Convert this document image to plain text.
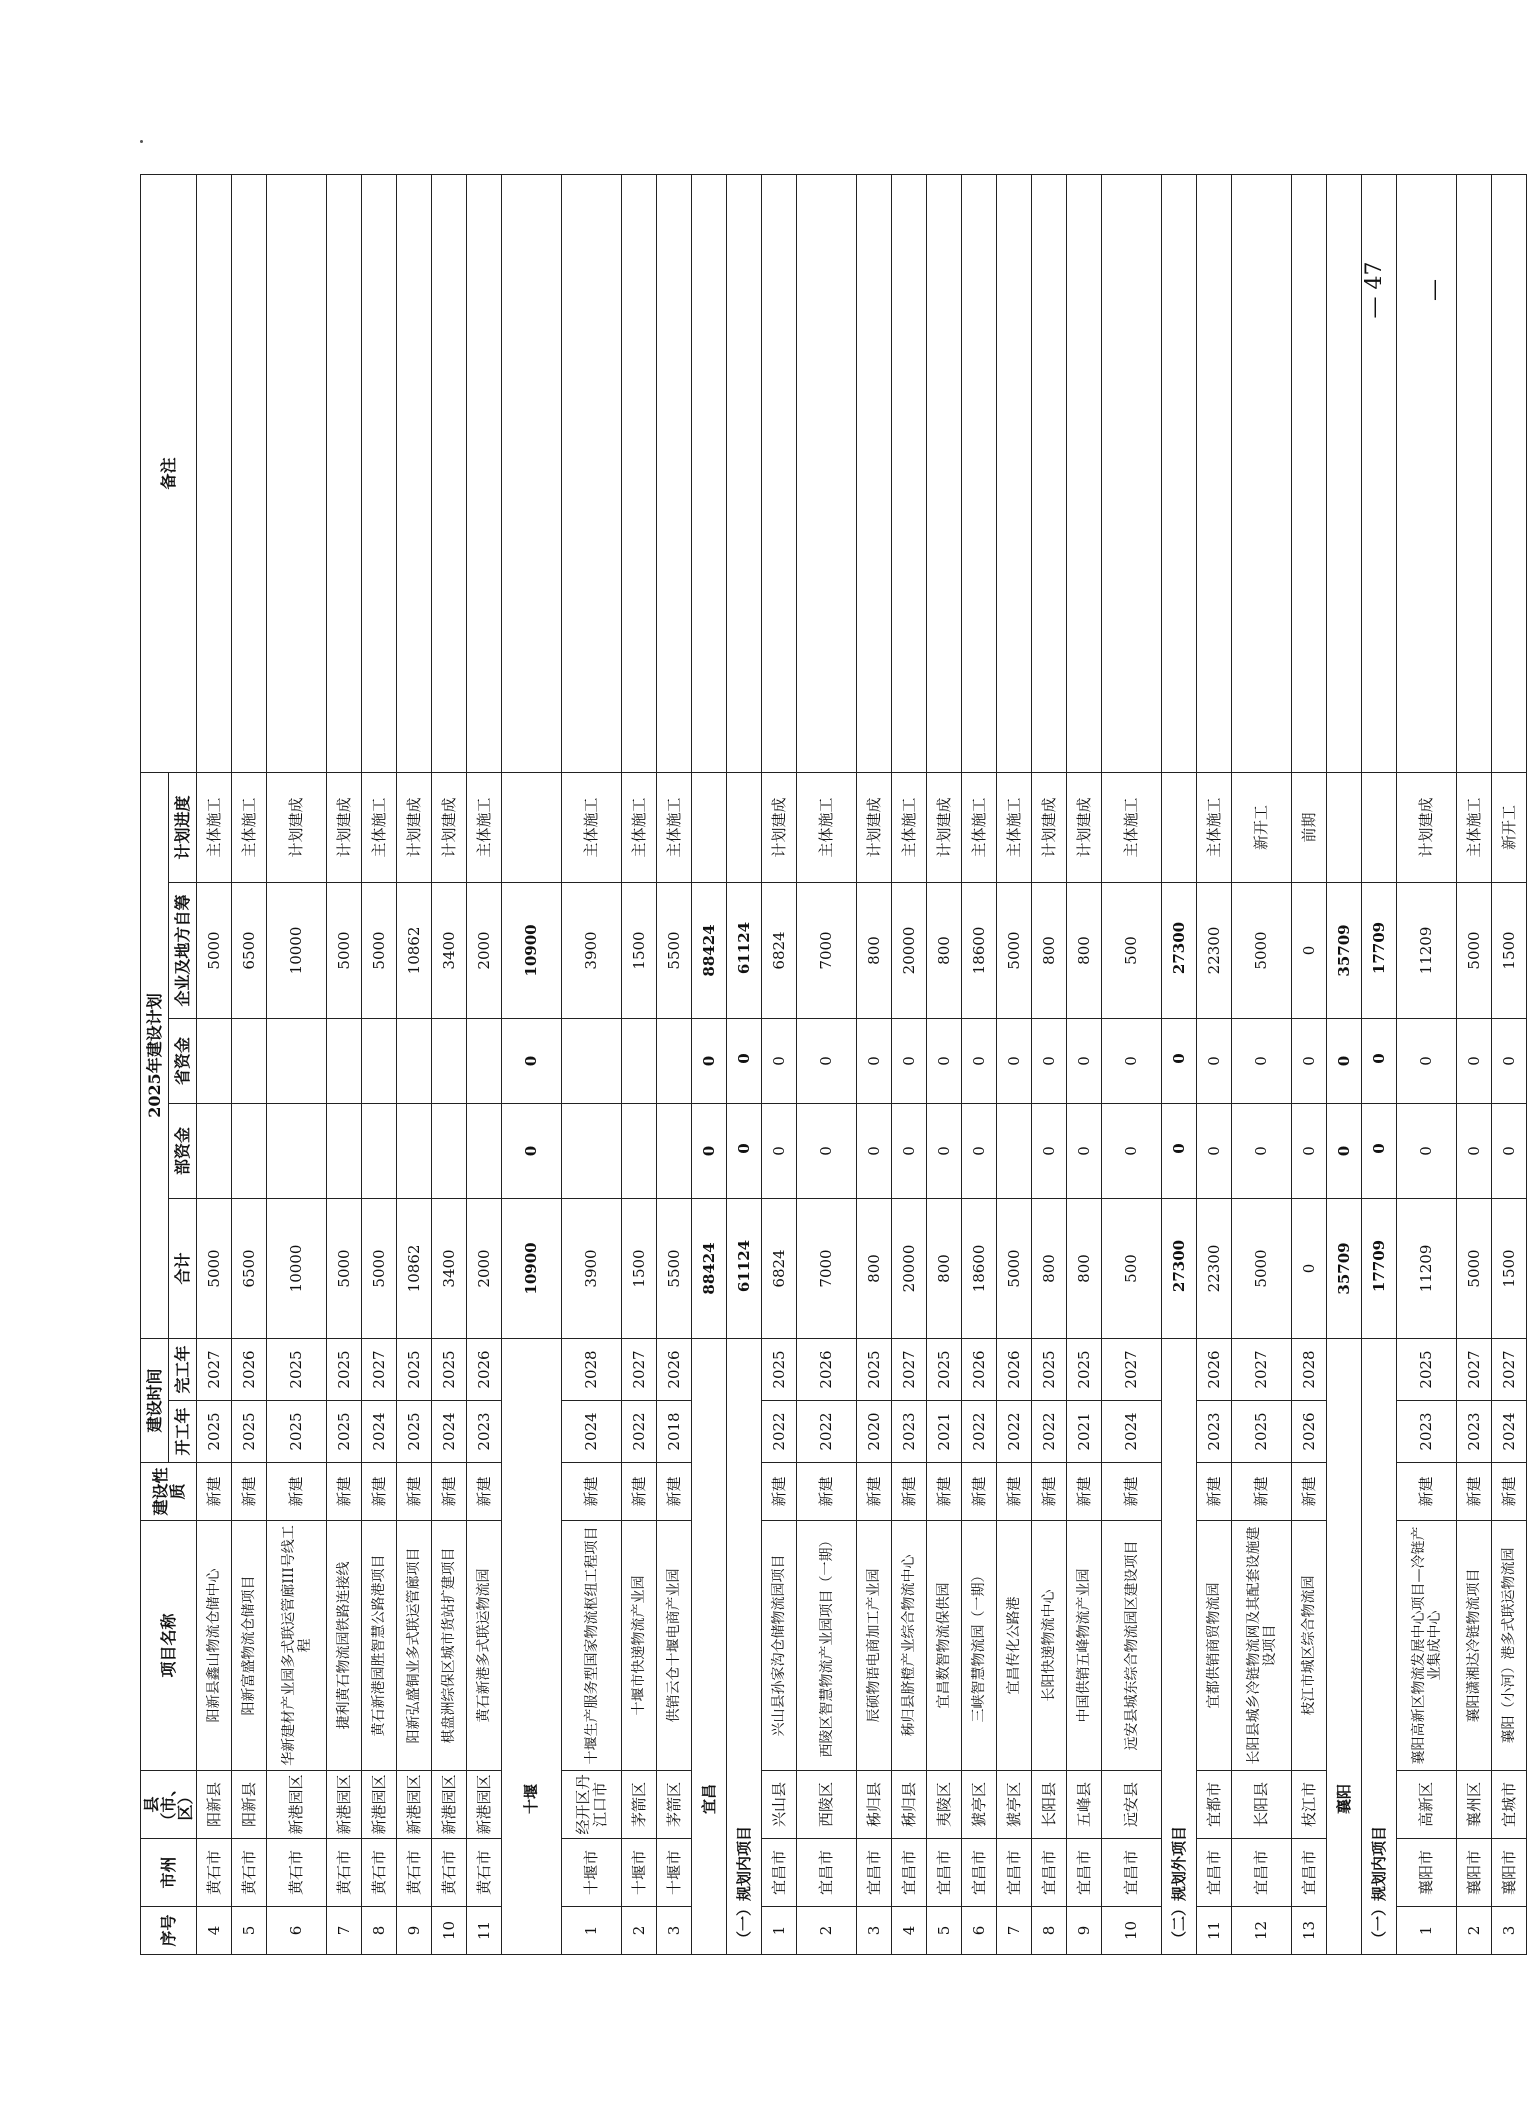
— 47 —
序号	市州	县（市、区）	项目名称	建设性质	建设时间		2025年建设计划					备注
					开工年	完工年	合计	部资金	省资金	企业及地方自筹	计划进度	
4	黄石市	阳新县	阳新县鑫山物流仓储中心	新建	2025	2027	5000			5000	主体施工	
5	黄石市	阳新县	阳新富盛物流仓储项目	新建	2025	2026	6500			6500	主体施工	
6	黄石市	新港园区	华新建材产业园多式联运管廊III号线工程	新建	2025	2025	10000			10000	计划建成	
7	黄石市	新港园区	捷利黄石物流园铁路连接线	新建	2025	2025	5000			5000	计划建成	
8	黄石市	新港园区	黄石新港园胜智慧公路港项目	新建	2024	2027	5000			5000	主体施工	
9	黄石市	新港园区	阳新弘盛铜业多式联运管廊项目	新建	2025	2025	10862			10862	计划建成	
10	黄石市	新港园区	棋盘洲综保区城市货站扩建项目	新建	2024	2025	3400			3400	计划建成	
11	黄石市	新港园区	黄石新港多式联运物流园	新建	2023	2026	2000			2000	主体施工	
十堰							10900	0	0	10900		
1	十堰市	经开区丹江口市	十堰生产服务型国家物流枢纽工程项目	新建	2024	2028	3900			3900	主体施工	
2	十堰市	茅箭区	十堰市快递物流产业园	新建	2022	2027	1500			1500	主体施工	
3	十堰市	茅箭区	供销云仓十堰电商产业园	新建	2018	2026	5500			5500	主体施工	
宜昌							88424	0	0	88424		
（一）规划内项目							61124	0	0	61124		
1	宜昌市	兴山县	兴山县孙家沟仓储物流园项目	新建	2022	2025	6824	0	0	6824	计划建成	
2	宜昌市	西陵区	西陵区智慧物流产业园项目（一期）	新建	2022	2026	7000	0	0	7000	主体施工	
3	宜昌市	秭归县	辰硕物语电商加工产业园	新建	2020	2025	800	0	0	800	计划建成	
4	宜昌市	秭归县	秭归县脐橙产业综合物流中心	新建	2023	2027	20000	0	0	20000	主体施工	
5	宜昌市	夷陵区	宜昌数智物流保供园	新建	2021	2025	800	0	0	800	计划建成	
6	宜昌市	猇亭区	三峡智慧物流园（一期）	新建	2022	2026	18600	0	0	18600	主体施工	
7	宜昌市	猇亭区	宜昌传化公路港	新建	2022	2026	5000		0	5000	主体施工	
8	宜昌市	长阳县	长阳快递物流中心	新建	2022	2025	800	0	0	800	计划建成	
9	宜昌市	五峰县	中国供销五峰物流产业园	新建	2021	2025	800	0	0	800	计划建成	
10	宜昌市	远安县	远安县城东综合物流园区建设项目	新建	2024	2027	500	0	0	500	主体施工	
（二）规划外项目							27300	0	0	27300		
11	宜昌市	宜都市	宜都供销商贸物流园	新建	2023	2026	22300	0	0	22300	主体施工	
12	宜昌市	长阳县	长阳县城乡冷链物流网及其配套设施建设项目	新建	2025	2027	5000	0	0	5000	新开工	
13	宜昌市	枝江市	枝江市城区综合物流园	新建	2026	2028	0	0	0	0	前期	
襄阳							35709	0	0	35709		
（一）规划内项目							17709	0	0	17709		
1	襄阳市	高新区	襄阳高新区物流发展中心项目—冷链产业集成中心	新建	2023	2025	11209	0	0	11209	计划建成	
2	襄阳市	襄州区	襄阳潇湘达冷链物流项目	新建	2023	2027	5000	0	0	5000	主体施工	
3	襄阳市	宜城市	襄阳（小河）港多式联运物流园	新建	2024	2027	1500	0	0	1500	新开工	
